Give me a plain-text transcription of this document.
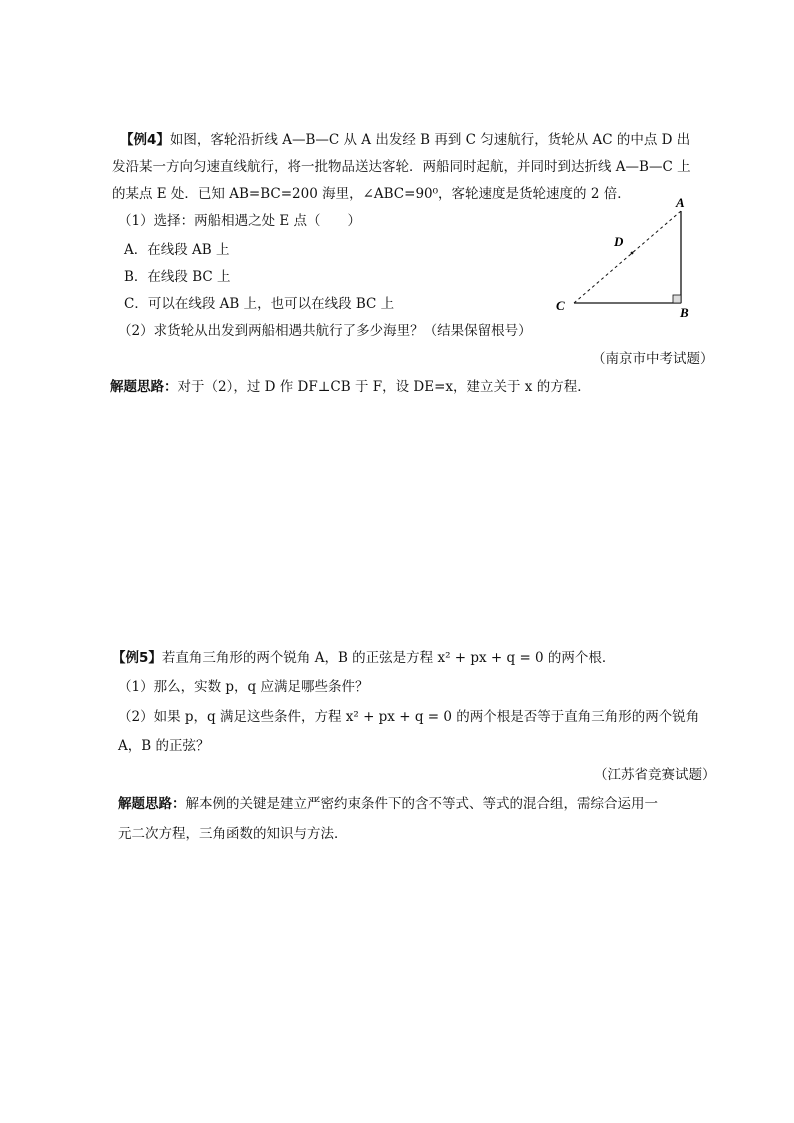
【例4】如图，客轮沿折线 A—B—C 从 A 出发经 B 再到 C 匀速航行，货轮从 AC 的中点 D 出
发沿某一方向匀速直线航行，将一批物品送达客轮．两船同时起航，并同时到达折线 A—B—C 上
的某点 E 处．已知 AB=BC=200 海里，∠ABC=90⁰，客轮速度是货轮速度的 2 倍．
（1）选择：两船相遇之处 E 点（　　）
A．在线段 AB 上
B．在线段 BC 上
C．可以在线段 AB 上，也可以在线段 BC 上
（2）求货轮从出发到两船相遇共航行了多少海里？（结果保留根号）
（南京市中考试题）
解题思路：对于（2），过 D 作 DF⊥CB 于 F，设 DE=x，建立关于 x 的方程．
A
B
C
D
【例5】若直角三角形的两个锐角 A，B 的正弦是方程 x² + px + q = 0 的两个根．
（1）那么，实数 p，q 应满足哪些条件？
（2）如果 p，q 满足这些条件，方程 x² + px + q = 0 的两个根是否等于直角三角形的两个锐角
A，B 的正弦？
（江苏省竞赛试题）
解题思路：解本例的关键是建立严密约束条件下的含不等式、等式的混合组，需综合运用一
元二次方程，三角函数的知识与方法．
